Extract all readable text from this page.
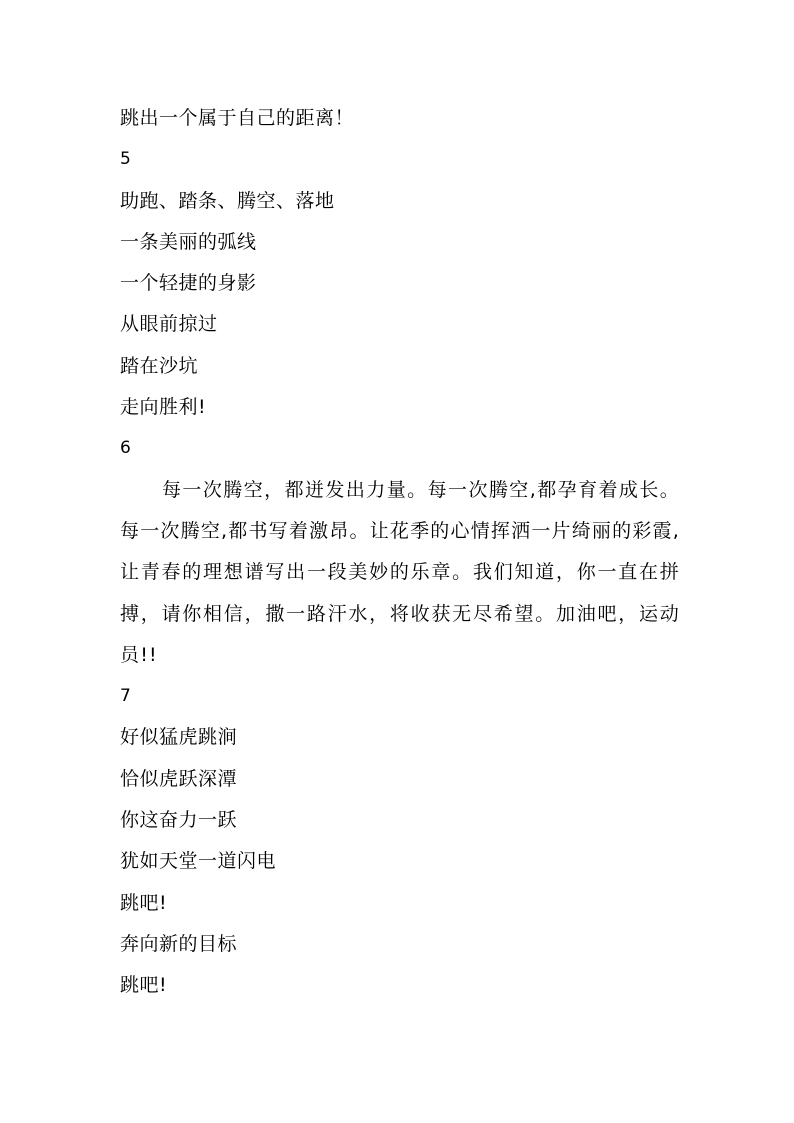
跳出一个属于自己的距离！
5
助跑、踏条、腾空、落地
一条美丽的弧线
一个轻捷的身影
从眼前掠过
踏在沙坑
走向胜利!
6

每一次腾空，都迸发出力量。每一次腾空,都孕育着成长。每一次腾空,都书写着激昂。让花季的心情挥洒一片绮丽的彩霞,让青春的理想谱写出一段美妙的乐章。我们知道，你一直在拼搏，请你相信，撒一路汗水，将收获无尽希望。加油吧，运动员!!

7
好似猛虎跳涧
恰似虎跃深潭
你这奋力一跃
犹如天堂一道闪电
跳吧!
奔向新的目标
跳吧!
